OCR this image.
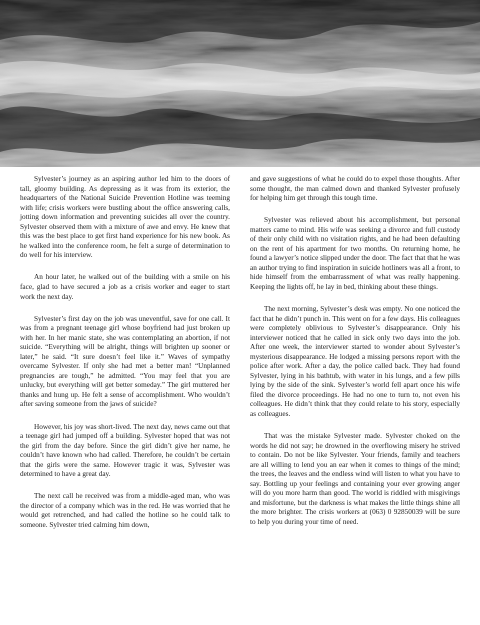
Sylvester’s journey as an aspiring author led him to the doors of tall, gloomy building. As depressing as it was from its exterior, the headquarters of the National Suicide Prevention Hotline was teeming with life; crisis workers were bustling about the office answering calls, jotting down information and preventing suicides all over the country. Sylvester observed them with a mixture of awe and envy. He knew that this was the best place to get first hand experience for his new book. As he walked into the conference room, he felt a surge of determination to do well for his interview.

An hour later, he walked out of the building with a smile on his face, glad to have secured a job as a crisis worker and eager to start work the next day.

Sylvester’s first day on the job was uneventful, save for one call. It was from a pregnant teenage girl whose boyfriend had just broken up with her. In her manic state, she was contemplating an abortion, if not suicide. “Everything will be alright, things will brighten up sooner or later,” he said. “It sure doesn’t feel like it.” Waves of sympathy overcame Sylvester. If only she had met a better man! “Unplanned pregnancies are tough,” he admitted. “You may feel that you are unlucky, but everything will get better someday.” The girl muttered her thanks and hung up. He felt a sense of accomplishment. Who wouldn’t after saving someone from the jaws of suicide?

However, his joy was short-lived. The next day, news came out that a teenage girl had jumped off a building. Sylvester hoped that was not the girl from the day before. Since the girl didn’t give her name, he couldn’t have known who had called. Therefore, he couldn’t be certain that the girls were the same. However tragic it was, Sylvester was determined to have a great day.

The next call he received was from a middle-aged man, who was the director of a company which was in the red. He was worried that he would get retrenched, and had called the hotline so he could talk to someone. Sylvester tried calming him down,

and gave suggestions of what he could do to expel those thoughts. After some thought, the man calmed down and thanked Sylvester profusely for helping him get through this tough time.

Sylvester was relieved about his accomplishment, but personal matters came to mind. His wife was seeking a divorce and full custody of their only child with no visitation rights, and he had been defaulting on the rent of his apartment for two months. On returning home, he found a lawyer’s notice slipped under the door. The fact that that he was an author trying to find inspiration in suicide hotliners was all a front, to hide himself from the embarrassment of what was really happening. Keeping the lights off, he lay in bed, thinking about these things.

The next morning, Sylvester’s desk was empty. No one noticed the fact that he didn’t punch in. This went on for a few days. His colleagues were completely oblivious to Sylvester’s disappearance. Only his interviewer noticed that he called in sick only two days into the job. After one week, the interviewer started to wonder about Sylvester’s mysterious disappearance. He lodged a missing persons report with the police after work. After a day, the police called back. They had found Sylvester, lying in his bathtub, with water in his lungs, and a few pills lying by the side of the sink. Sylvester’s world fell apart once his wife filed the divorce proceedings. He had no one to turn to, not even his colleagues. He didn’t think that they could relate to his story, especially as colleagues.

That was the mistake Sylvester made. Sylvester choked on the words he did not say; he drowned in the overflowing misery he strived to contain. Do not be like Sylvester. Your friends, family and teachers are all willing to lend you an ear when it comes to things of the mind; the trees, the leaves and the endless wind will listen to what you have to say. Bottling up your feelings and containing your ever growing anger will do you more harm than good. The world is riddled with misgivings and misfortune, but the darkness is what makes the little things shine all the more brighter. The crisis workers at (063) 0 92850039 will be sure to help you during your time of need.
